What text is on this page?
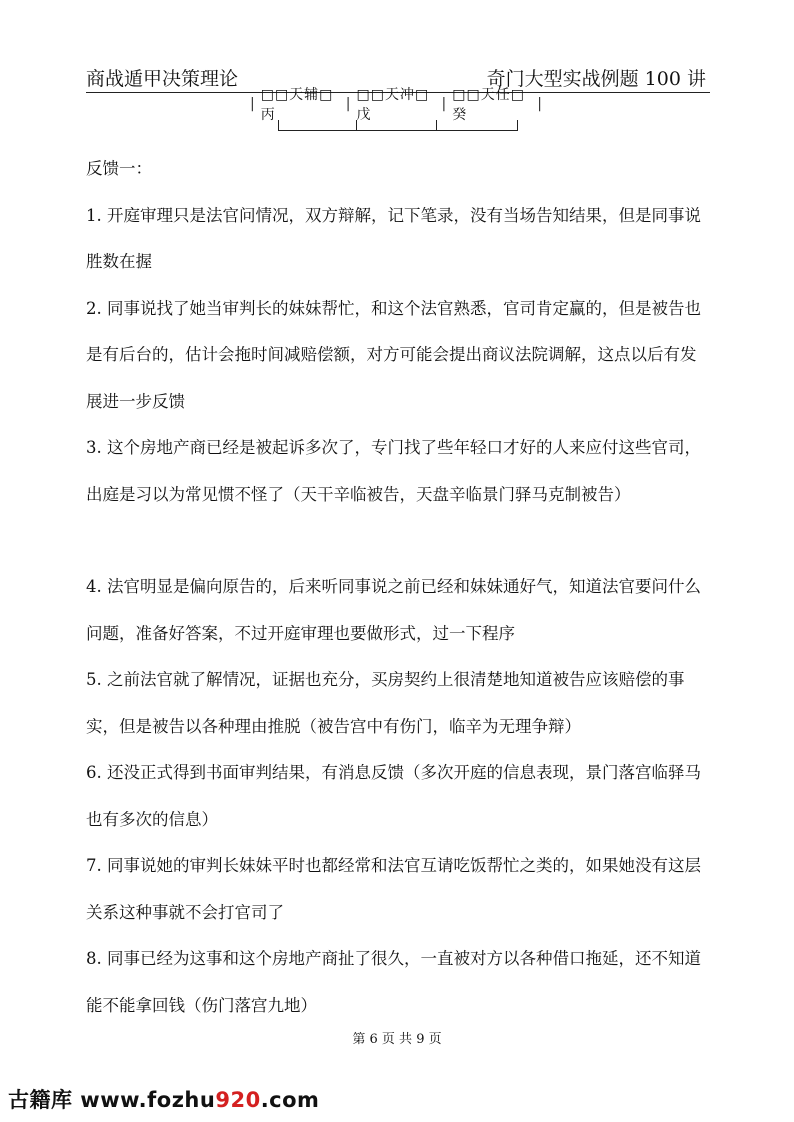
商战遁甲决策理论	奇门大型实战例题 100 讲
|
□□天辅□丙
|
□□天冲□戊
|
□□天任□癸
|

反馈一：

1. 开庭审理只是法官问情况，双方辩解，记下笔录，没有当场告知结果，但是同事说胜数在握

2. 同事说找了她当审判长的妹妹帮忙，和这个法官熟悉，官司肯定赢的，但是被告也是有后台的，估计会拖时间减赔偿额，对方可能会提出商议法院调解，这点以后有发展进一步反馈

3. 这个房地产商已经是被起诉多次了，专门找了些年轻口才好的人来应付这些官司，出庭是习以为常见惯不怪了（天干辛临被告，天盘辛临景门驿马克制被告）

4. 法官明显是偏向原告的，后来听同事说之前已经和妹妹通好气，知道法官要问什么问题，准备好答案，不过开庭审理也要做形式，过一下程序

5. 之前法官就了解情况，证据也充分，买房契约上很清楚地知道被告应该赔偿的事实，但是被告以各种理由推脱（被告宫中有伤门，临辛为无理争辩）

6. 还没正式得到书面审判结果，有消息反馈（多次开庭的信息表现，景门落宫临驿马也有多次的信息）

7. 同事说她的审判长妹妹平时也都经常和法官互请吃饭帮忙之类的，如果她没有这层关系这种事就不会打官司了

8. 同事已经为这事和这个房地产商扯了很久，一直被对方以各种借口拖延，还不知道能不能拿回钱（伤门落宫九地）

第 6 页 共 9 页
古籍库 www.fozhu920.com
